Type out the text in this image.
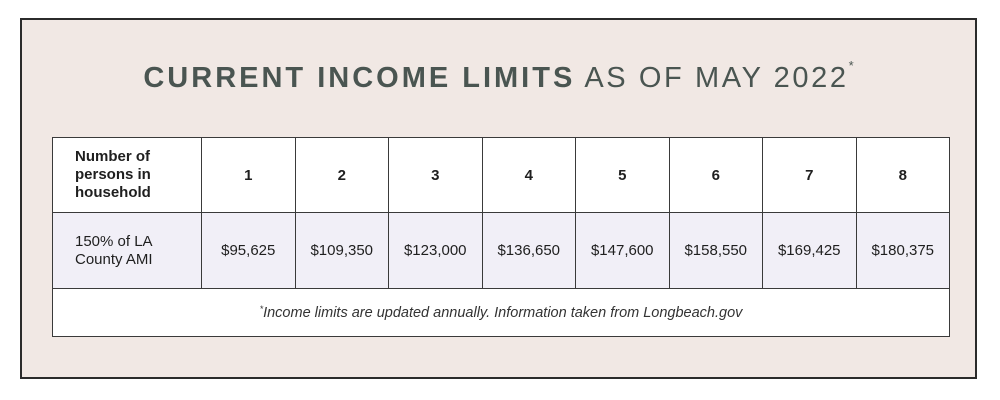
CURRENT INCOME LIMITS AS OF MAY 2022*
Number of persons in household	1	2	3	4	5	6	7	8
150% of LA County AMI	$95,625	$109,350	$123,000	$136,650	$147,600	$158,550	$169,425	$180,375
*Income limits are updated annually. Information taken from Longbeach.gov								
